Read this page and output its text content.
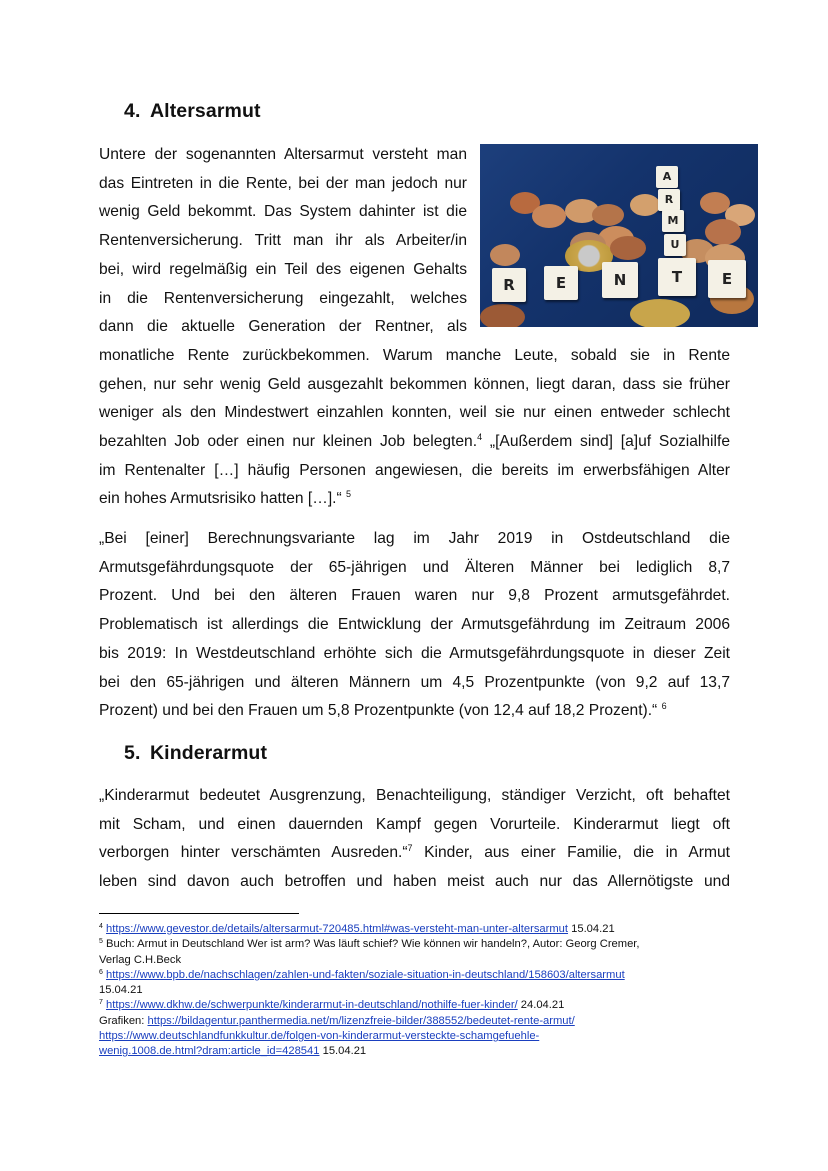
4. Altersarmut
Untere der sogenannten Altersarmut versteht man
das Eintreten in die Rente, bei der man jedoch nur
wenig Geld bekommt. Das System dahinter ist die
Rentenversicherung. Tritt man ihr als Arbeiter/in
bei, wird regelmäßig ein Teil des eigenen Gehalts
in die Rentenversicherung eingezahlt, welches
dann die aktuelle Generation der Rentner, als
monatliche Rente zurückbekommen. Warum manche Leute, sobald sie in Rente
gehen, nur sehr wenig Geld ausgezahlt bekommen können, liegt daran, dass sie früher
weniger als den Mindestwert einzahlen konnten, weil sie nur einen entweder schlecht
bezahlten Job oder einen nur kleinen Job belegten.$^4$ „[Außerdem sind] [a]uf Sozialhilfe
im Rentenalter […] häufig Personen angewiesen, die bereits im erwerbsfähigen Alter
ein hohes Armutsrisiko hatten […].“ $^5$
A
R
M
U
R	E	N	T	E
„Bei [einer] Berechnungsvariante lag im Jahr 2019 in Ostdeutschland die
Armutsgefährdungsquote der 65-jährigen und Älteren Männer bei lediglich 8,7
Prozent. Und bei den älteren Frauen waren nur 9,8 Prozent armutsgefährdet.
Problematisch ist allerdings die Entwicklung der Armutsgefährdung im Zeitraum 2006
bis 2019: In Westdeutschland erhöhte sich die Armutsgefährdungsquote in dieser Zeit
bei den 65-jährigen und älteren Männern um 4,5 Prozentpunkte (von 9,2 auf 13,7
Prozent) und bei den Frauen um 5,8 Prozentpunkte (von 12,4 auf 18,2 Prozent).“ $^6$
5. Kinderarmut
„Kinderarmut bedeutet Ausgrenzung, Benachteiligung, ständiger Verzicht, oft behaftet
mit Scham, und einen dauernden Kampf gegen Vorurteile. Kinderarmut liegt oft
verborgen hinter verschämten Ausreden.“$^7$ Kinder, aus einer Familie, die in Armut
leben sind davon auch betroffen und haben meist auch nur das Allernötigste und
$^4$ https://www.gevestor.de/details/altersarmut-720485.html#was-versteht-man-unter-altersarmut 15.04.21
$^5$ Buch: Armut in Deutschland Wer ist arm? Was läuft schief? Wie können wir handeln?, Autor: Georg Cremer,
Verlag C.H.Beck
$^6$ https://www.bpb.de/nachschlagen/zahlen-und-fakten/soziale-situation-in-deutschland/158603/altersarmut
15.04.21
$^7$ https://www.dkhw.de/schwerpunkte/kinderarmut-in-deutschland/nothilfe-fuer-kinder/ 24.04.21
Grafiken: https://bildagentur.panthermedia.net/m/lizenzfreie-bilder/388552/bedeutet-rente-armut/
https://www.deutschlandfunkkultur.de/folgen-von-kinderarmut-versteckte-schamgefuehle-
wenig.1008.de.html?dram:article_id=428541 15.04.21
